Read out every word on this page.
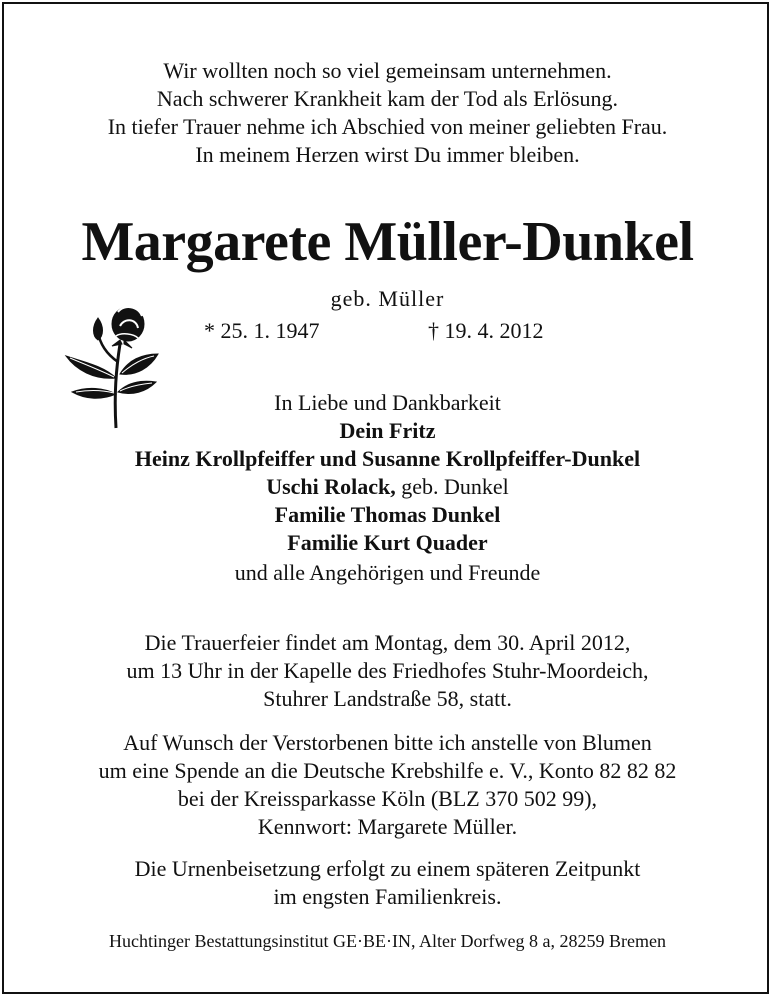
Wir wollten noch so viel gemeinsam unternehmen.
Nach schwerer Krankheit kam der Tod als Erlösung.
In tiefer Trauer nehme ich Abschied von meiner geliebten Frau.
In meinem Herzen wirst Du immer bleiben.
Margarete Müller-Dunkel
geb. Müller
* 25. 1. 1947	† 19. 4. 2012
In Liebe und Dankbarkeit
Dein Fritz
Heinz Krollpfeiffer und Susanne Krollpfeiffer-Dunkel
Uschi Rolack, geb. Dunkel
Familie Thomas Dunkel
Familie Kurt Quader
und alle Angehörigen und Freunde
Die Trauerfeier findet am Montag, dem 30. April 2012,
um 13 Uhr in der Kapelle des Friedhofes Stuhr-Moordeich,
Stuhrer Landstraße 58, statt.
Auf Wunsch der Verstorbenen bitte ich anstelle von Blumen
um eine Spende an die Deutsche Krebshilfe e. V., Konto 82 82 82
bei der Kreissparkasse Köln (BLZ 370 502 99),
Kennwort: Margarete Müller.
Die Urnenbeisetzung erfolgt zu einem späteren Zeitpunkt
im engsten Familienkreis.
Huchtinger Bestattungsinstitut GE·BE·IN, Alter Dorfweg 8 a, 28259 Bremen
